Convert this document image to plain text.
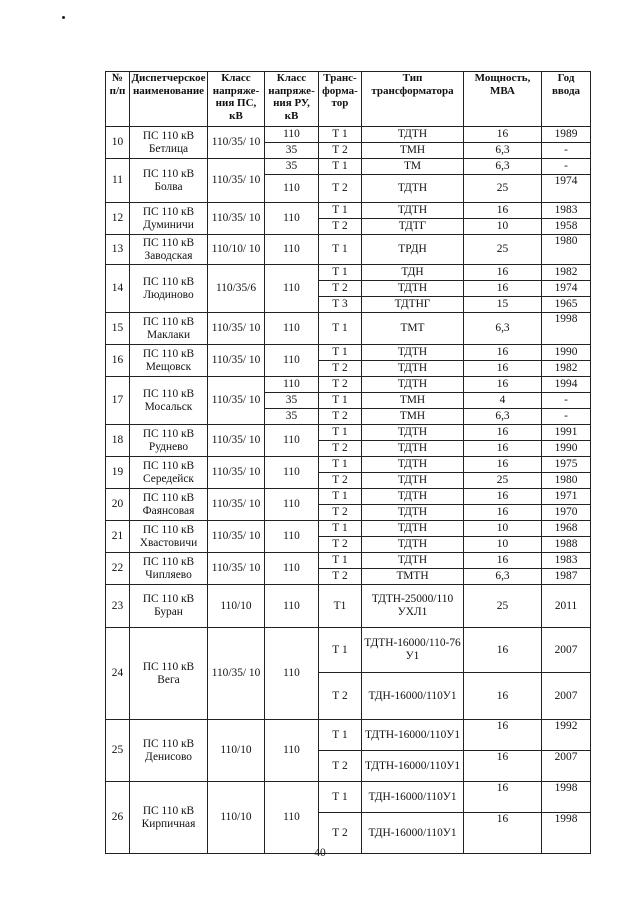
№ п/п	Диспетчерское наименование	Класс напряже-ния ПС, кВ	Класс напряже-ния РУ, кВ	Транс-форма-тор	Тип трансформатора	Мощность, МВА	Год ввода
10	ПС 110 кВ Бетлица	110/35/ 10	110	Т 1	ТДТН	16	1989
			35	Т 2	ТМН	6,3	-
11	ПС 110 кВ Болва	110/35/ 10	35	Т 1	ТМ	6,3	-
			110	Т 2	ТДТН	25	1974
12	ПС 110 кВ Думиничи	110/35/ 10	110	Т 1	ТДТН	16	1983
				Т 2	ТДТГ	10	1958
13	ПС 110 кВ Заводская	110/10/ 10	110	Т 1	ТРДН	25	1980
14	ПС 110 кВ Людиново	110/35/6	110	Т 1	ТДН	16	1982
				Т 2	ТДТН	16	1974
				Т 3	ТДТНГ	15	1965
15	ПС 110 кВ Маклаки	110/35/ 10	110	Т 1	ТМТ	6,3	1998
16	ПС 110 кВ Мещовск	110/35/ 10	110	Т 1	ТДТН	16	1990
				Т 2	ТДТН	16	1982
17	ПС 110 кВ Мосальск	110/35/ 10	110	Т 2	ТДТН	16	1994
			35	Т 1	ТМН	4	-
			35	Т 2	ТМН	6,3	-
18	ПС 110 кВ Руднево	110/35/ 10	110	Т 1	ТДТН	16	1991
				Т 2	ТДТН	16	1990
19	ПС 110 кВ Середейск	110/35/ 10	110	Т 1	ТДТН	16	1975
				Т 2	ТДТН	25	1980
20	ПС 110 кВ Фаянсовая	110/35/ 10	110	Т 1	ТДТН	16	1971
				Т 2	ТДТН	16	1970
21	ПС 110 кВ Хвастовичи	110/35/ 10	110	Т 1	ТДТН	10	1968
				Т 2	ТДТН	10	1988
22	ПС 110 кВ Чипляево	110/35/ 10	110	Т 1	ТДТН	16	1983
				Т 2	ТМТН	6,3	1987
23	ПС 110 кВ Буран	110/10	110	Т1	ТДТН-25000/110 УХЛ1	25	2011
24	ПС 110 кВ Вега	110/35/ 10	110	Т 1	ТДТН-16000/110-76 У1	16	2007
				Т 2	ТДН-16000/110У1	16	2007
25	ПС 110 кВ Денисово	110/10	110	Т 1	ТДТН-16000/110У1	16	1992
				Т 2	ТДТН-16000/110У1	16	2007
26	ПС 110 кВ Кирпичная	110/10	110	Т 1	ТДН-16000/110У1	16	1998
				Т 2	ТДН-16000/110У1	16	1998
40
